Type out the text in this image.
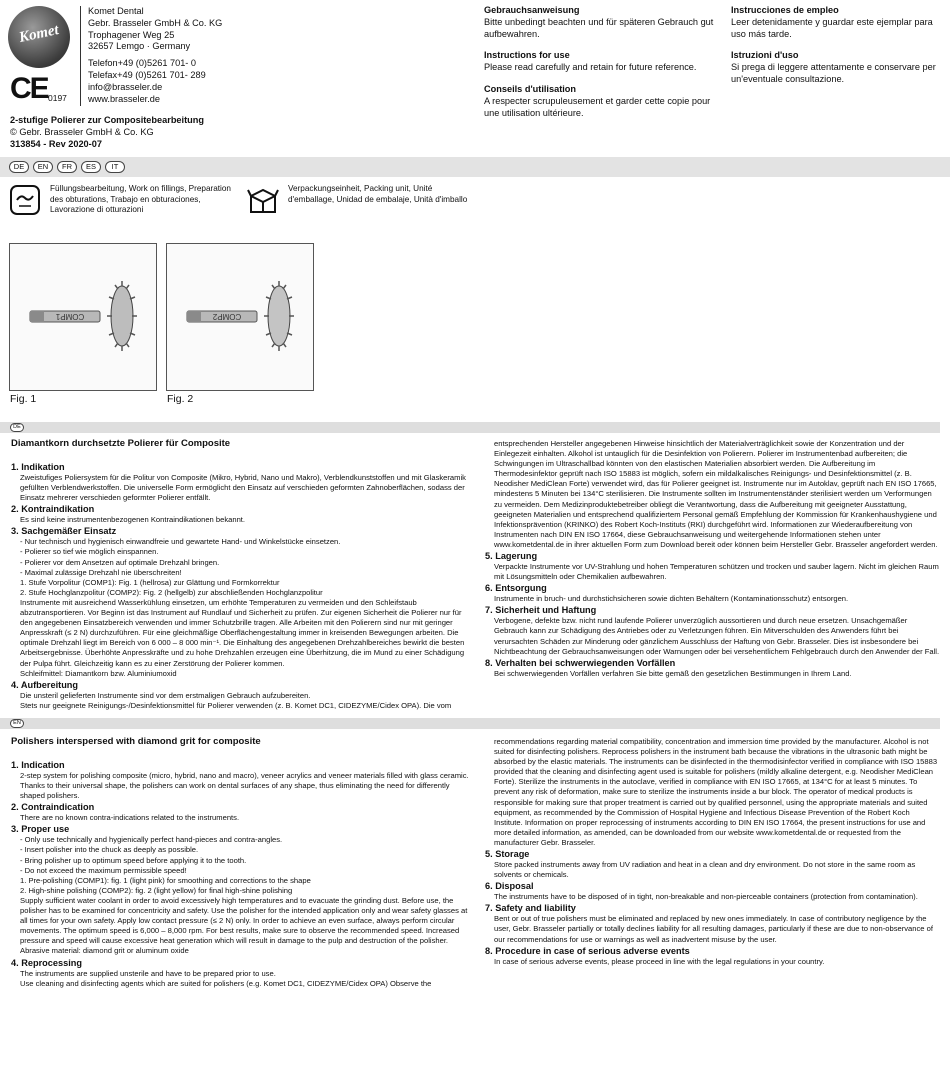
Komet
CE 0197
Komet Dental
Gebr. Brasseler GmbH & Co. KG
Trophagener Weg 25
32657 Lemgo · Germany
Telefon+49 (0)5261 701- 0
Telefax+49 (0)5261 701- 289
info@brasseler.de
www.brasseler.de
2-stufige Polierer zur Compositebearbeitung
© Gebr. Brasseler GmbH & Co. KG
313854 - Rev 2020-07
Gebrauchsanweisung
Bitte unbedingt beachten und für späteren Gebrauch gut aufbewahren.
Instructions for use
Please read carefully and retain for future reference.
Conseils d'utilisation
A respecter scrupuleusement et garder cette copie pour une utilisation ultérieure.
Instrucciones de empleo
Leer detenidamente y guardar este ejemplar para uso más tarde.
Istruzioni d'uso
Si prega di leggere attentamente e conservare per un'eventuale consultazione.
DE	EN	FR	ES	IT
Füllungsbearbeitung, Work on fillings, Preparation des obturations, Trabajo en obturaciones, Lavorazione di otturazioni
Verpackungseinheit, Packing unit, Unité d'emballage, Unidad de embalaje, Unità d'imballo
COMP1
Fig. 1
COMP2
Fig. 2
DE
Diamantkorn durchsetzte Polierer für Composite

1. Indikation

Zweistufiges Poliersystem für die Politur von Composite (Mikro, Hybrid, Nano und Makro), Verblendkunststoffen und mit Glaskeramik gefüllten Verblendwerkstoffen. Die universelle Form ermöglicht den Einsatz auf verschieden geformten Zahnoberflächen, sodass der Einsatz mehrerer verschieden geformter Polierer entfällt.

2. Kontraindikation

Es sind keine instrumentenbezogenen Kontraindikationen bekannt.

3. Sachgemäßer Einsatz

- Nur technisch und hygienisch einwandfreie und gewartete Hand- und Winkelstücke einsetzen.

- Polierer so tief wie möglich einspannen.

- Polierer vor dem Ansetzen auf optimale Drehzahl bringen.

- Maximal zulässige Drehzahl nie überschreiten!

1. Stufe Vorpolitur (COMP1): Fig. 1 (hellrosa) zur Glättung und Formkorrektur

2. Stufe Hochglanzpolitur (COMP2): Fig. 2 (hellgelb) zur abschließenden Hochglanzpolitur

Instrumente mit ausreichend Wasserkühlung einsetzen, um erhöhte Temperaturen zu vermeiden und den Schleifstaub abzutransportieren. Vor Beginn ist das Instrument auf Rundlauf und Sicherheit zu prüfen. Zur eigenen Sicherheit die Polierer nur für den angegebenen Einsatzbereich verwenden und immer Schutzbrille tragen. Alle Arbeiten mit den Polierern sind nur mit geringer Anpresskraft (≤ 2 N) durchzuführen. Für eine gleichmäßige Oberflächengestaltung immer in kreisenden Bewegungen arbeiten. Die optimale Drehzahl liegt im Bereich von 6 000 – 8 000 min⁻¹. Die Einhaltung des angegebenen Drehzahlbereiches bewirkt die besten Arbeitsergebnisse. Überhöhte Anpresskräfte und zu hohe Drehzahlen erzeugen eine Überhitzung, die im Mund zu einer Schädigung der Pulpa führt. Gleichzeitig kann es zu einer Zerstörung der Polierer kommen.

Schleifmittel: Diamantkorn bzw. Aluminiumoxid

4. Aufbereitung

Die unsteril gelieferten Instrumente sind vor dem erstmaligen Gebrauch aufzubereiten.

Stets nur geeignete Reinigungs-/Desinfektionsmittel für Polierer verwenden (z. B. Komet DC1, CIDEZYME/Cidex OPA). Die vom

entsprechenden Hersteller angegebenen Hinweise hinsichtlich der Materialverträglichkeit sowie der Konzentration und der Einlegezeit einhalten. Alkohol ist untauglich für die Desinfektion von Polierern. Polierer im Instrumentenbad aufbereiten; die Schwingungen im Ultraschallbad könnten von den elastischen Materialien absorbiert werden. Die Aufbereitung im Thermodesinfektor geprüft nach ISO 15883 ist möglich, sofern ein mildalkalisches Reinigungs- und Desinfektionsmittel (z. B. Neodisher MediClean Forte) verwendet wird, das für Polierer geeignet ist. Instrumente nur im Autoklav, geprüft nach EN ISO 17665, mindestens 5 Minuten bei 134°C sterilisieren. Die Instrumente sollten im Instrumentenständer sterilisiert werden um Verformungen zu vermeiden. Dem Medizinproduktebetreiber obliegt die Verantwortung, dass die Aufbereitung mit geeigneter Ausstattung, geeigneten Materialien und entsprechend qualifiziertem Personal gemäß Empfehlung der Kommission für Krankenhaushygiene und Infektionsprävention (KRINKO) des Robert Koch-Instituts (RKI) durchgeführt wird. Informationen zur Wiederaufbereitung von Instrumenten nach DIN EN ISO 17664, diese Gebrauchsanweisung und weitergehende Informationen stehen unter www.kometdental.de in ihrer aktuellen Form zum Download bereit oder können beim Hersteller Gebr. Brasseler angefordert werden.

5. Lagerung

Verpackte Instrumente vor UV-Strahlung und hohen Temperaturen schützen und trocken und sauber lagern. Nicht im gleichen Raum mit Lösungsmitteln oder Chemikalien aufbewahren.

6. Entsorgung

Instrumente in bruch- und durchstichsicheren sowie dichten Behältern (Kontaminationsschutz) entsorgen.

7. Sicherheit und Haftung

Verbogene, defekte bzw. nicht rund laufende Polierer unverzüglich aussortieren und durch neue ersetzen. Unsachgemäßer Gebrauch kann zur Schädigung des Antriebes oder zu Verletzungen führen. Ein Mitverschulden des Anwenders führt bei verursachten Schäden zur Minderung oder gänzlichem Ausschluss der Haftung von Gebr. Brasseler. Dies ist insbesondere bei Nichtbeachtung der Gebrauchsanweisungen oder Warnungen oder bei versehentlichem Fehlgebrauch durch den Anwender der Fall.

8. Verhalten bei schwerwiegenden Vorfällen

Bei schwerwiegenden Vorfällen verfahren Sie bitte gemäß den gesetzlichen Bestimmungen in Ihrem Land.

EN
Polishers interspersed with diamond grit for composite

1. Indication

2-step system for polishing composite (micro, hybrid, nano and macro), veneer acrylics and veneer materials filled with glass ceramic. Thanks to their universal shape, the polishers can work on dental surfaces of any shape, thus eliminating the need for differently shaped polishers.

2. Contraindication

There are no known contra-indications related to the instruments.

3. Proper use

- Only use technically and hygienically perfect hand-pieces and contra-angles.

- Insert polisher into the chuck as deeply as possible.

- Bring polisher up to optimum speed before applying it to the tooth.

- Do not exceed the maximum permissible speed!

1. Pre-polishing (COMP1): fig. 1 (light pink) for smoothing and corrections to the shape

2. High-shine polishing (COMP2): fig. 2 (light yellow) for final high-shine polishing

Supply sufficient water coolant in order to avoid excessively high temperatures and to evacuate the grinding dust. Before use, the polisher has to be examined for concentricity and safety. Use the polisher for the intended application only and wear safety glasses at all times for your own safety. Apply low contact pressure (≤ 2 N) only. In order to achieve an even surface, always perform circular movements. The optimum speed is 6,000 – 8,000 rpm. For best results, make sure to observe the recommended speed. Increased pressure and speed will cause excessive heat generation which will result in damage to the pulp and destruction of the polisher.

Abrasive material: diamond grit or aluminum oxide

4. Reprocessing

The instruments are supplied unsterile and have to be prepared prior to use.

Use cleaning and disinfecting agents which are suited for polishers (e.g. Komet DC1, CIDEZYME/Cidex OPA) Observe the

recommendations regarding material compatibility, concentration and immersion time provided by the manufacturer. Alcohol is not suited for disinfecting polishers. Reprocess polishers in the instrument bath because the vibrations in the ultrasonic bath might be absorbed by the elastic materials. The instruments can be disinfected in the thermodisinfector verified in compliance with ISO 15883 provided that the cleaning and disinfecting agent used is suitable for polishers (mildly alkaline detergent, e.g. Neodisher MediClean Forte). Sterilize the instruments in the autoclave, verified in compliance with EN ISO 17665, at 134°C for at least 5 minutes. To prevent any risk of deformation, make sure to sterilize the instruments inside a bur block. The operator of medical products is responsible for making sure that proper treatment is carried out by qualified personnel, using the appropriate materials and suited equipment, as recommended by the Commission of Hospital Hygiene and Infectious Disease Prevention of the Robert Koch Institute. Information on proper reprocessing of instruments according to DIN EN ISO 17664, the present instructions for use and more detailed information, as amended, can be downloaded from our website www.kometdental.de or requested from the manufacturer Gebr. Brasseler.

5. Storage

Store packed instruments away from UV radiation and heat in a clean and dry environment. Do not store in the same room as solvents or chemicals.

6. Disposal

The instruments have to be disposed of in tight, non-breakable and non-pierceable containers (protection from contamination).

7. Safety and liability

Bent or out of true polishers must be eliminated and replaced by new ones immediately. In case of contributory negligence by the user, Gebr. Brasseler partially or totally declines liability for all resulting damages, particularly if these are due to non-observance of our recommendations for use or warnings as well as inadvertent misuse by the user.

8. Procedure in case of serious adverse events

In case of serious adverse events, please proceed in line with the legal regulations in your country.
